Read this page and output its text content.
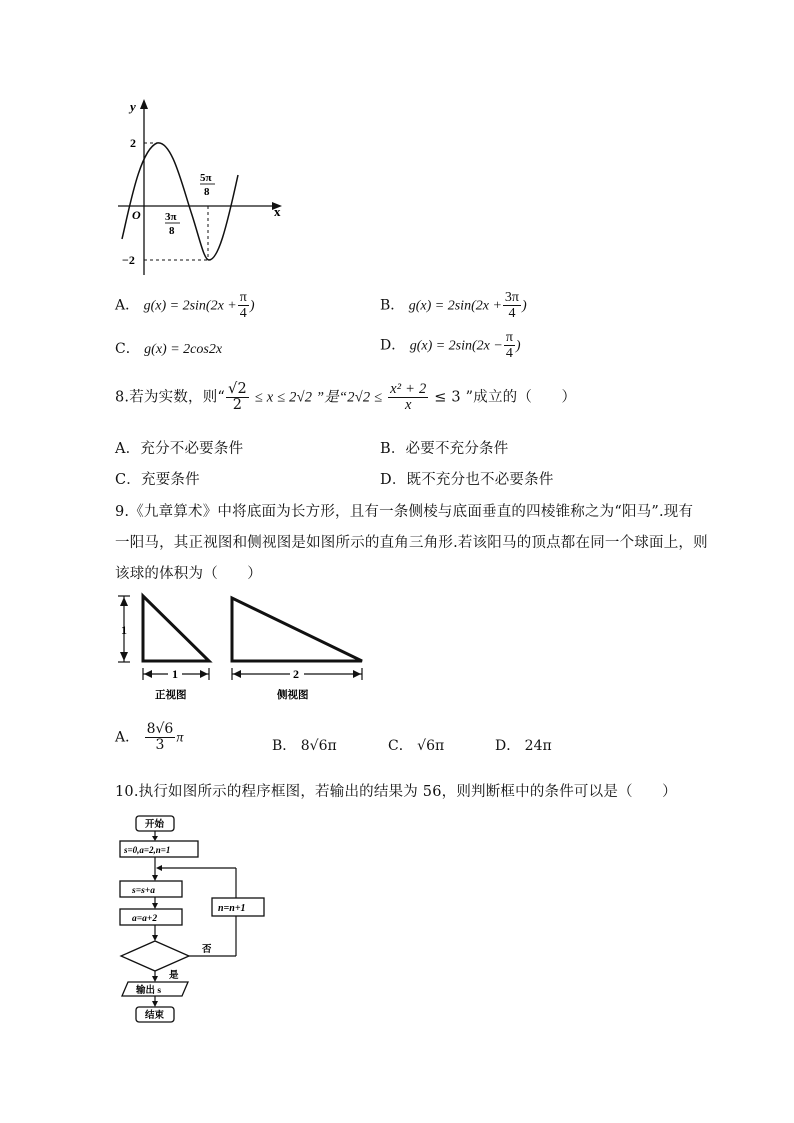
y
x
O
2
−2
3π
8
5π
8
A． $g(x) = 2\sin(2x + \frac{\pi}{4}$ )	B． $g(x) = 2\sin(2x + \frac{3\pi}{4}$ )
C． g(x) = 2cos2x	D． $g(x) = 2\sin(2x - \frac{\pi}{4}$ )
8.若为实数，则“ $\frac{√2}{2} \le x \le 2√2$ ”是“$2√2 \le \frac{\text{x² + 2}}{x} \le 3$ ”成立的（　　）
A．充分不必要条件	B．必要不充分条件
C．充要条件	D．既不充分也不必要条件
9.《九章算术》中将底面为长方形，且有一条侧棱与底面垂直的四棱锥称之为“阳马”.现有
一阳马，其正视图和侧视图是如图所示的直角三角形.若该阳马的顶点都在同一个球面上，则
该球的体积为（　　）
1
1	2
正视图	侧视图
A． $\frac{8√6}{3}$ π	B． 8√6π	C． √6π	D． 24π
10.执行如图所示的程序框图，若输出的结果为 56，则判断框中的条件可以是（　　）
开始
s=0,a=2,n=1
s=s+a
a=a+2
否
n=n+1
是
输出 s
结束
